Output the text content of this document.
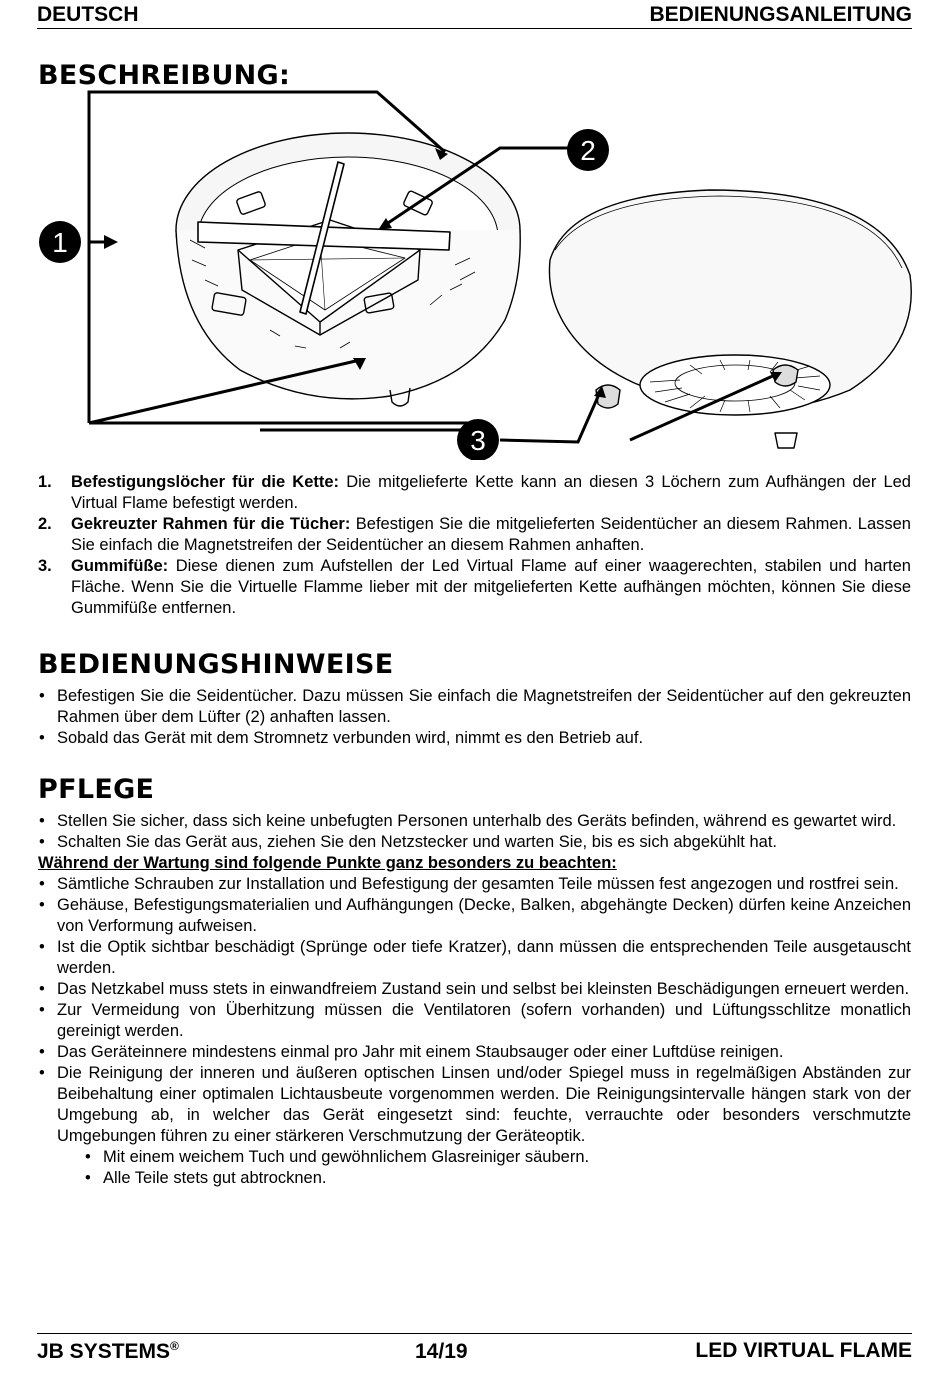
DEUTSCH	BEDIENUNGSANLEITUNG
BESCHREIBUNG:
1
2
3
1. Befestigungslöcher für die Kette: Die mitgelieferte Kette kann an diesen 3 Löchern zum Aufhängen der Led Virtual Flame befestigt werden.
2. Gekreuzter Rahmen für die Tücher: Befestigen Sie die mitgelieferten Seidentücher an diesem Rahmen. Lassen Sie einfach die Magnetstreifen der Seidentücher an diesem Rahmen anhaften.
3. Gummifüße: Diese dienen zum Aufstellen der Led Virtual Flame auf einer waagerechten, stabilen und harten Fläche. Wenn Sie die Virtuelle Flamme lieber mit der mitgelieferten Kette aufhängen möchten, können Sie diese Gummifüße entfernen.
BEDIENUNGSHINWEISE
• Befestigen Sie die Seidentücher. Dazu müssen Sie einfach die Magnetstreifen der Seidentücher auf den gekreuzten Rahmen über dem Lüfter (2) anhaften lassen.
• Sobald das Gerät mit dem Stromnetz verbunden wird, nimmt es den Betrieb auf.
PFLEGE
• Stellen Sie sicher, dass sich keine unbefugten Personen unterhalb des Geräts befinden, während es gewartet wird.
• Schalten Sie das Gerät aus, ziehen Sie den Netzstecker und warten Sie, bis es sich abgekühlt hat.
Während der Wartung sind folgende Punkte ganz besonders zu beachten:
• Sämtliche Schrauben zur Installation und Befestigung der gesamten Teile müssen fest angezogen und rostfrei sein.
• Gehäuse, Befestigungsmaterialien und Aufhängungen (Decke, Balken, abgehängte Decken) dürfen keine Anzeichen von Verformung aufweisen.
• Ist die Optik sichtbar beschädigt (Sprünge oder tiefe Kratzer), dann müssen die entsprechenden Teile ausgetauscht werden.
• Das Netzkabel muss stets in einwandfreiem Zustand sein und selbst bei kleinsten Beschädigungen erneuert werden.
• Zur Vermeidung von Überhitzung müssen die Ventilatoren (sofern vorhanden) und Lüftungsschlitze monatlich gereinigt werden.
• Das Geräteinnere mindestens einmal pro Jahr mit einem Staubsauger oder einer Luftdüse reinigen.
• Die Reinigung der inneren und äußeren optischen Linsen und/oder Spiegel muss in regelmäßigen Abständen zur Beibehaltung einer optimalen Lichtausbeute vorgenommen werden. Die Reinigungsintervalle hängen stark von der Umgebung ab, in welcher das Gerät eingesetzt sind: feuchte, verrauchte oder besonders verschmutzte Umgebungen führen zu einer stärkeren Verschmutzung der Geräteoptik.
• Mit einem weichem Tuch und gewöhnlichem Glasreiniger säubern.
• Alle Teile stets gut abtrocknen.
JB SYSTEMS®	14/19	LED VIRTUAL FLAME
